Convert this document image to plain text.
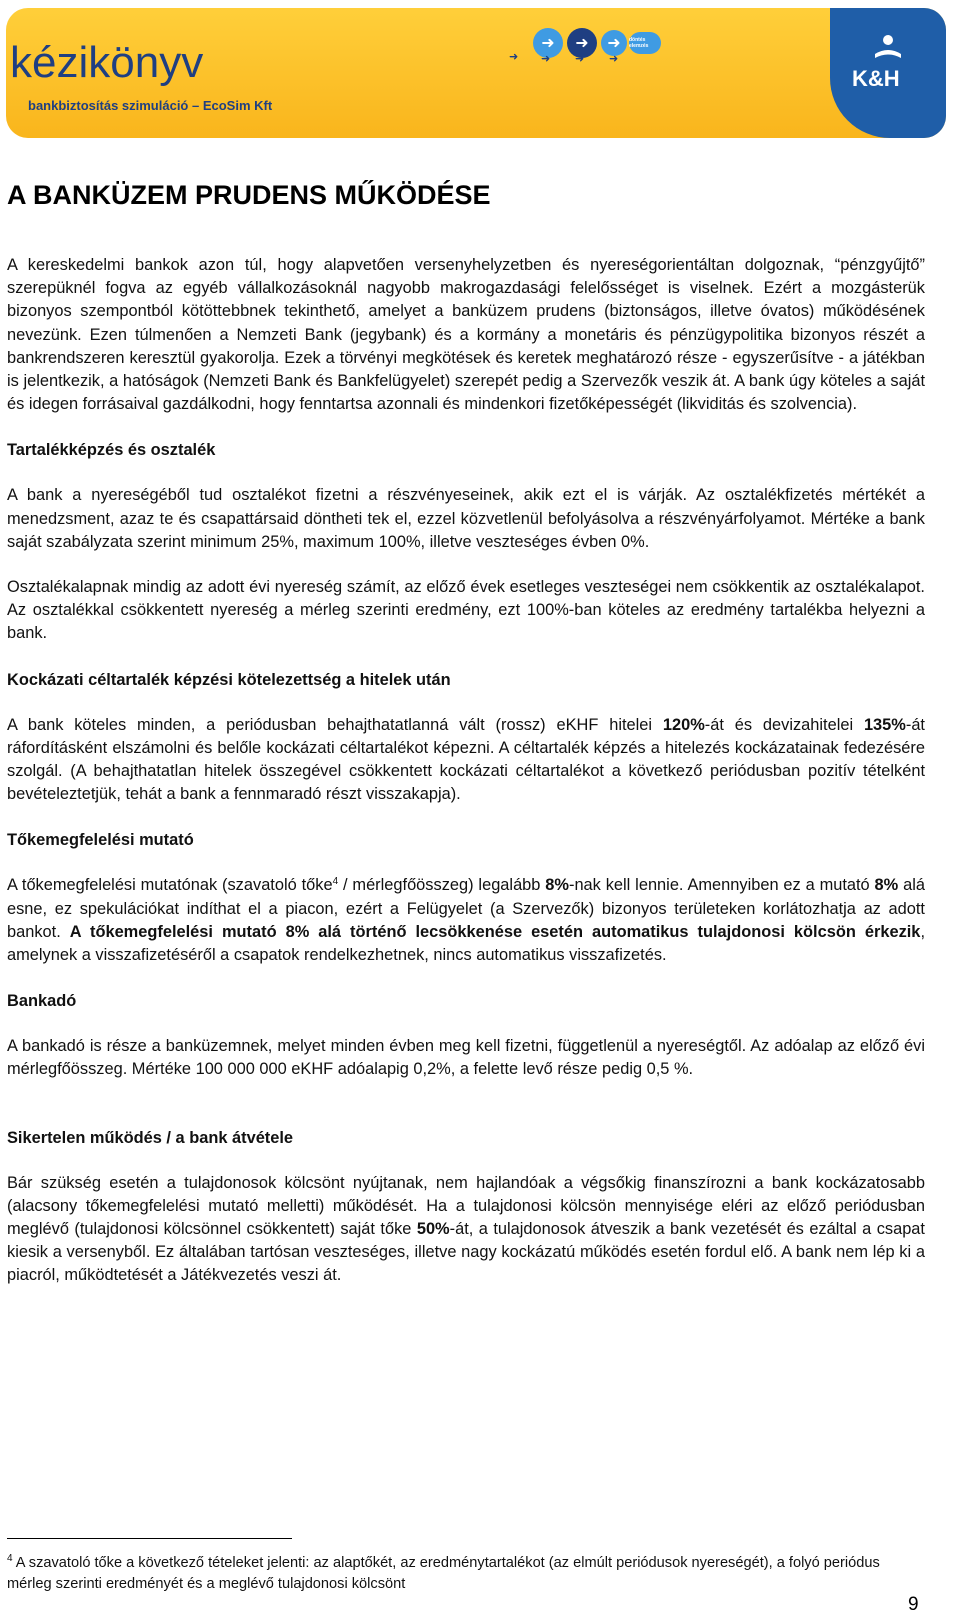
kézikönyv
bankbiztosítás szimuláció – EcoSim Kft
➜
➜
➜
➜
➜
➜
➜
döntés elemzés
K&H
A BANKÜZEM PRUDENS MŰKÖDÉSE

A kereskedelmi bankok azon túl, hogy alapvetően versenyhelyzetben és nyereségorientáltan dolgoznak, “pénzgyűjtő” szerepüknél fogva az egyéb vállalkozásoknál nagyobb makrogazdasági felelősséget is viselnek. Ezért a mozgásterük bizonyos szempontból kötöttebbnek tekinthető, amelyet a banküzem prudens (biztonságos, illetve óvatos) működésének nevezünk. Ezen túlmenően a Nemzeti Bank (jegybank) és a kormány a monetáris és pénzügypolitika bizonyos részét a bankrendszeren keresztül gyakorolja. Ezek a törvényi megkötések és keretek meghatározó része - egyszerűsítve - a játékban is jelentkezik, a hatóságok (Nemzeti Bank és Bankfelügyelet) szerepét pedig a Szervezők veszik át. A bank úgy köteles a saját és idegen forrásaival gazdálkodni, hogy fenntartsa azonnali és mindenkori fizetőképességét (likviditás és szolvencia).

Tartalékképzés és osztalék

A bank a nyereségéből tud osztalékot fizetni a részvényeseinek, akik ezt el is várják. Az osztalékfizetés mértékét a menedzsment, azaz te és csapattársaid döntheti tek el, ezzel közvetlenül befolyásolva a részvényárfolyamot. Mértéke a bank saját szabályzata szerint minimum 25%, maximum 100%, illetve veszteséges évben 0%.

Osztalékalapnak mindig az adott évi nyereség számít, az előző évek esetleges veszteségei nem csökkentik az osztalékalapot. Az osztalékkal csökkentett nyereség a mérleg szerinti eredmény, ezt 100%-ban köteles az eredmény tartalékba helyezni a bank.

Kockázati céltartalék képzési kötelezettség a hitelek után

A bank köteles minden, a periódusban behajthatatlanná vált (rossz) eKHF hitelei 120%-át és devizahitelei 135%-át ráfordításként elszámolni és belőle kockázati céltartalékot képezni. A céltartalék képzés a hitelezés kockázatainak fedezésére szolgál. (A behajthatatlan hitelek összegével csökkentett kockázati céltartalékot a következő periódusban pozitív tételként bevételeztetjük, tehát a bank a fennmaradó részt visszakapja).

Tőkemegfelelési mutató

A tőkemegfelelési mutatónak (szavatoló tőke$^4$ / mérlegfőösszeg) legalább 8%-nak kell lennie. Amennyiben ez a mutató 8% alá esne, ez spekulációkat indíthat el a piacon, ezért a Felügyelet (a Szervezők) bizonyos területeken korlátozhatja az adott bankot. A tőkemegfelelési mutató 8% alá történő lecsökkenése esetén automatikus tulajdonosi kölcsön érkezik, amelynek a visszafizetéséről a csapatok rendelkezhetnek, nincs automatikus visszafizetés.

Bankadó

A bankadó is része a banküzemnek, melyet minden évben meg kell fizetni, függetlenül a nyereségtől. Az adóalap az előző évi mérlegfőösszeg. Mértéke 100 000 000 eKHF adóalapig 0,2%, a felette levő része pedig 0,5 %.

Sikertelen működés / a bank átvétele

Bár szükség esetén a tulajdonosok kölcsönt nyújtanak, nem hajlandóak a végsőkig finanszírozni a bank kockázatosabb (alacsony tőkemegfelelési mutató melletti) működését. Ha a tulajdonosi kölcsön mennyisége eléri az előző periódusban meglévő (tulajdonosi kölcsönnel csökkentett) saját tőke 50%-át, a tulajdonosok átveszik a bank vezetését és ezáltal a csapat kiesik a versenyből. Ez általában tartósan veszteséges, illetve nagy kockázatú működés esetén fordul elő. A bank nem lép ki a piacról, működtetését a Játékvezetés veszi át.

$^4$ A szavatoló tőke a következő tételeket jelenti: az alaptőkét, az eredménytartalékot (az elmúlt periódusok nyereségét), a folyó periódus mérleg szerinti eredményét és a meglévő tulajdonosi kölcsönt
9
